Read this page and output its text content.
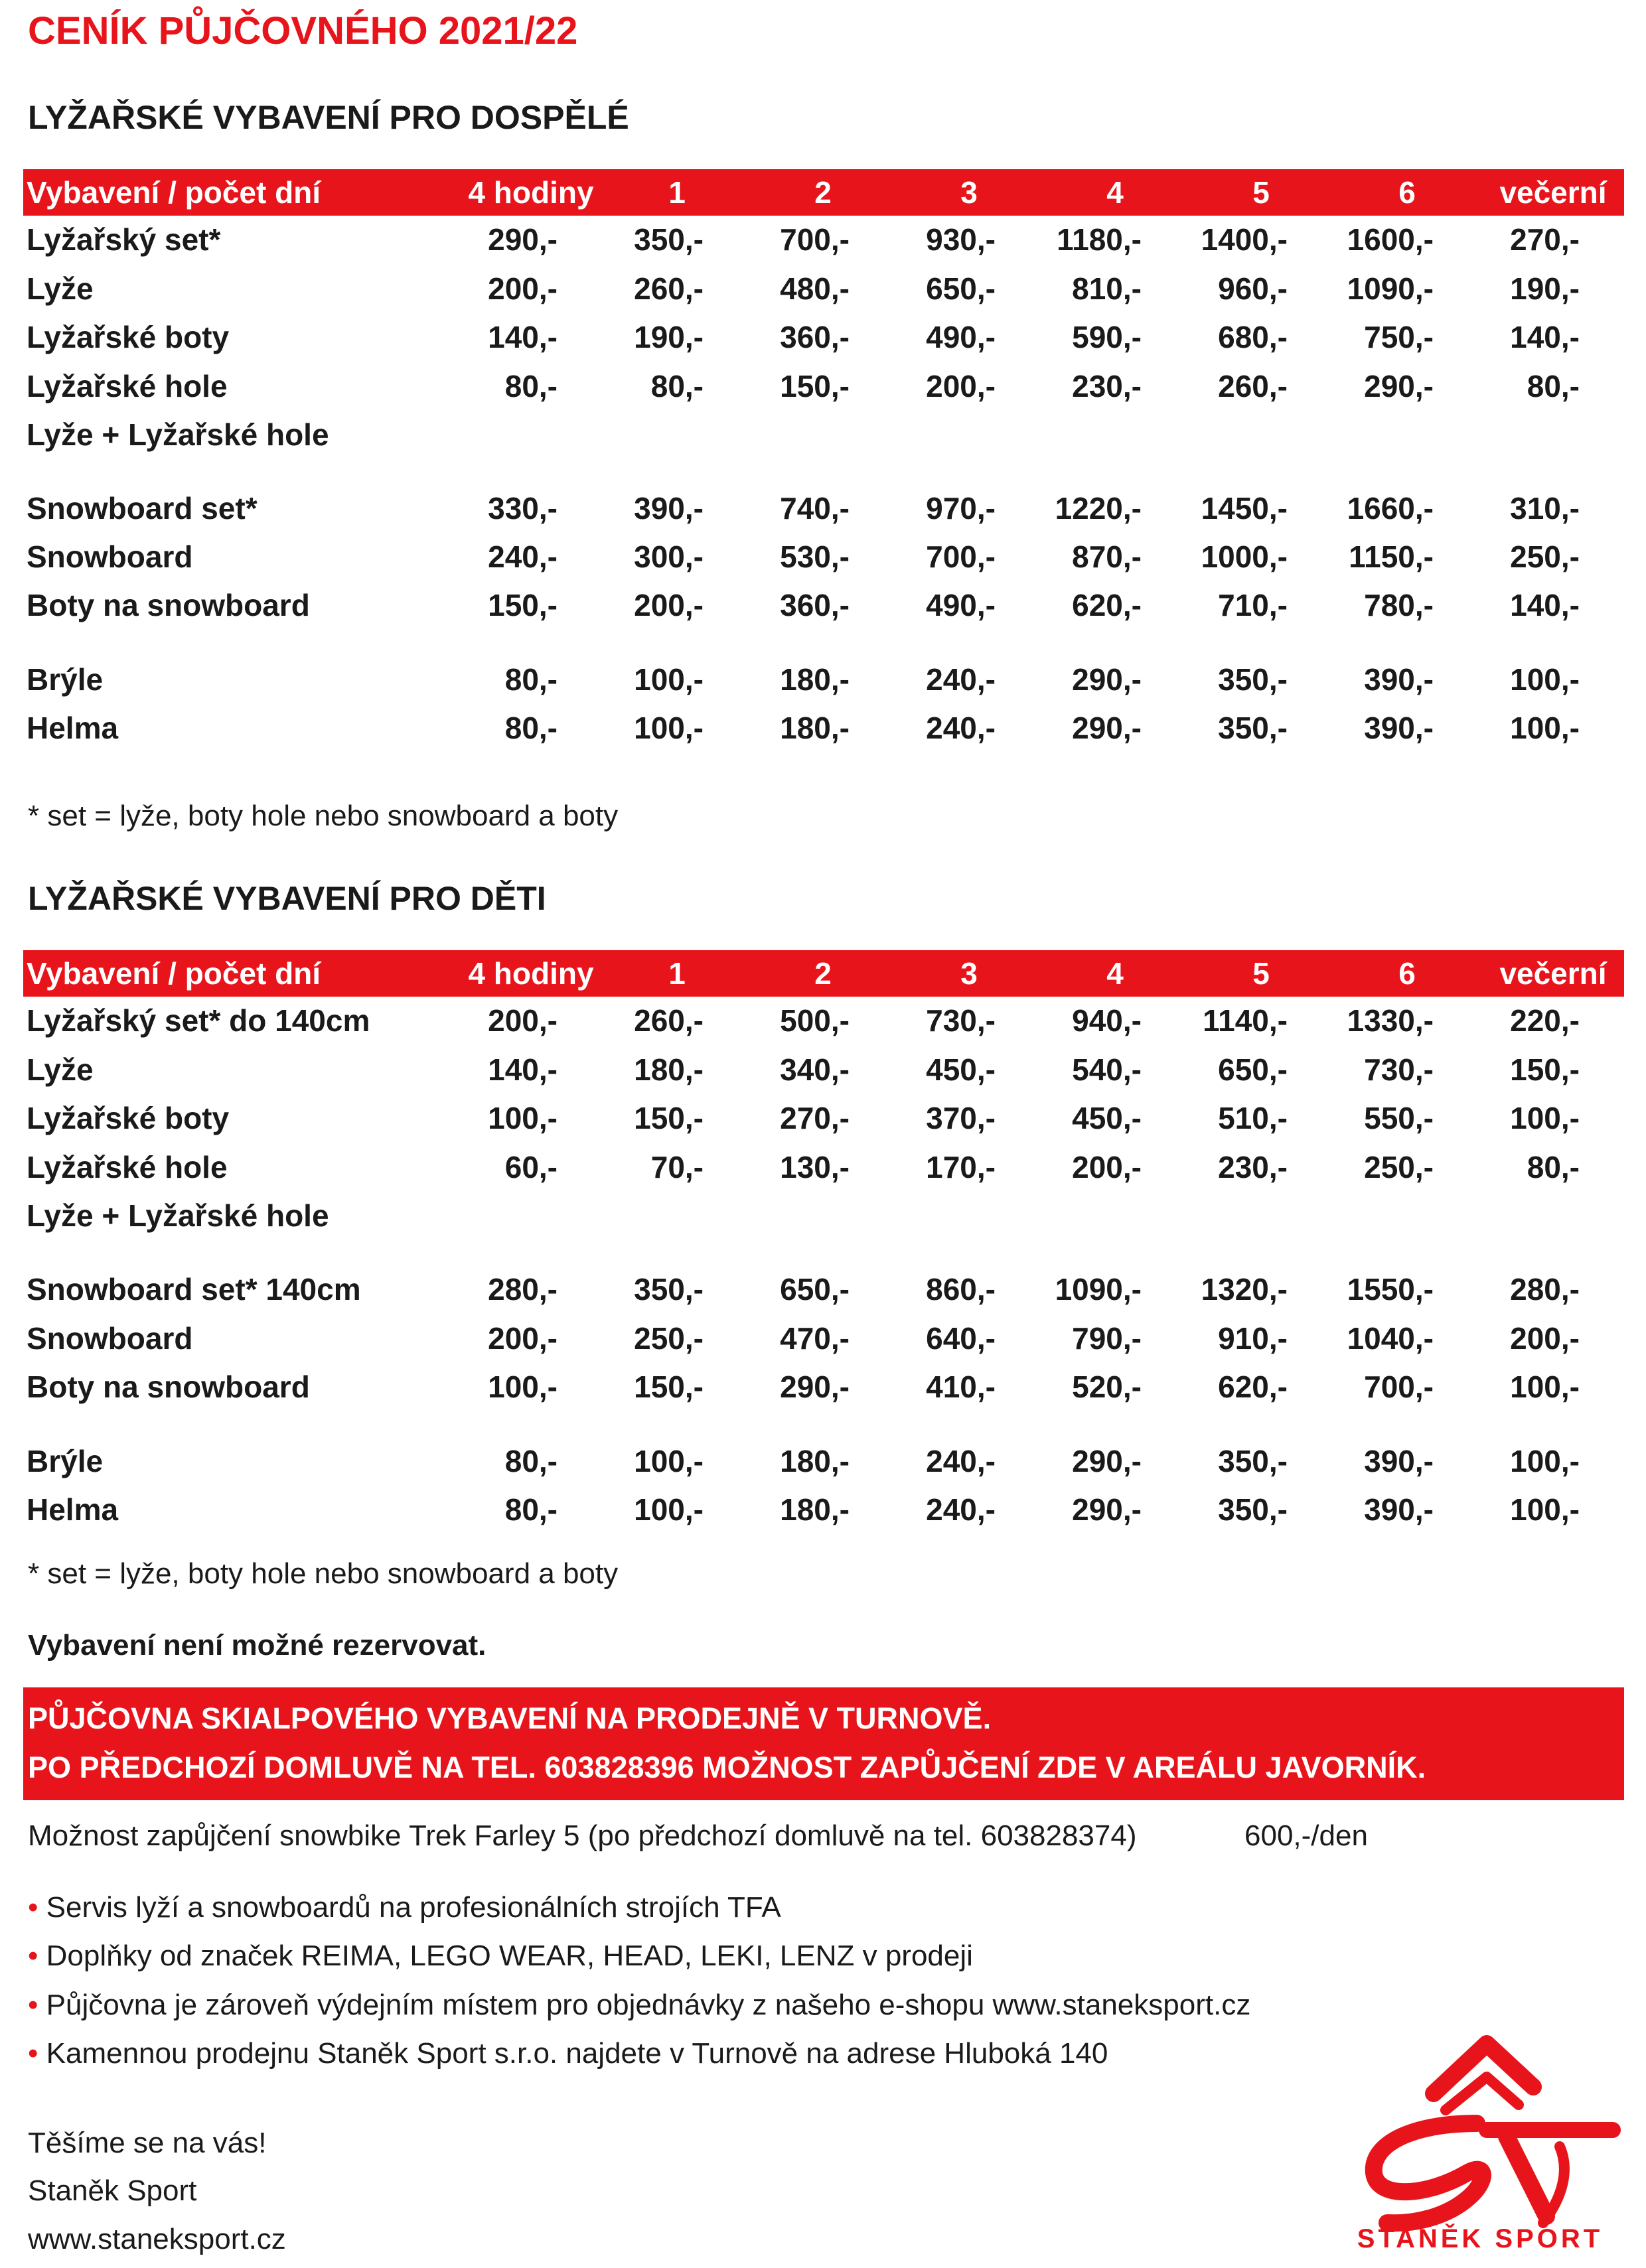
CENÍK PŮJČOVNÉHO 2021/22
LYŽAŘSKÉ VYBAVENÍ PRO DOSPĚLÉ
Vybavení / počet dní	4 hodiny	1	2	3	4	5	6	večerní
Lyžařský set*	290,-	350,-	700,-	930,-	1180,-	1400,-	1600,-	270,-
Lyže	200,-	260,-	480,-	650,-	810,-	960,-	1090,-	190,-
Lyžařské boty	140,-	190,-	360,-	490,-	590,-	680,-	750,-	140,-
Lyžařské hole	80,-	80,-	150,-	200,-	230,-	260,-	290,-	80,-
Lyže + Lyžařské hole
Snowboard set*	330,-	390,-	740,-	970,-	1220,-	1450,-	1660,-	310,-
Snowboard	240,-	300,-	530,-	700,-	870,-	1000,-	1150,-	250,-
Boty na snowboard	150,-	200,-	360,-	490,-	620,-	710,-	780,-	140,-
Brýle	80,-	100,-	180,-	240,-	290,-	350,-	390,-	100,-
Helma	80,-	100,-	180,-	240,-	290,-	350,-	390,-	100,-
* set = lyže, boty hole nebo snowboard a boty
LYŽAŘSKÉ VYBAVENÍ PRO DĚTI
Vybavení / počet dní	4 hodiny	1	2	3	4	5	6	večerní
Lyžařský set* do 140cm	200,-	260,-	500,-	730,-	940,-	1140,-	1330,-	220,-
Lyže	140,-	180,-	340,-	450,-	540,-	650,-	730,-	150,-
Lyžařské boty	100,-	150,-	270,-	370,-	450,-	510,-	550,-	100,-
Lyžařské hole	60,-	70,-	130,-	170,-	200,-	230,-	250,-	80,-
Lyže + Lyžařské hole
Snowboard set* 140cm	280,-	350,-	650,-	860,-	1090,-	1320,-	1550,-	280,-
Snowboard	200,-	250,-	470,-	640,-	790,-	910,-	1040,-	200,-
Boty na snowboard	100,-	150,-	290,-	410,-	520,-	620,-	700,-	100,-
Brýle	80,-	100,-	180,-	240,-	290,-	350,-	390,-	100,-
Helma	80,-	100,-	180,-	240,-	290,-	350,-	390,-	100,-
* set = lyže, boty hole nebo snowboard a boty
Vybavení není možné rezervovat.
PŮJČOVNA SKIALPOVÉHO VYBAVENÍ NA PRODEJNĚ V TURNOVĚ.
PO PŘEDCHOZÍ DOMLUVĚ NA TEL. 603828396 MOŽNOST ZAPŮJČENÍ ZDE V AREÁLU JAVORNÍK.
Možnost zapůjčení snowbike Trek Farley 5 (po předchozí domluvě na tel. 603828374)	600,-/den
• Servis lyží a snowboardů na profesionálních strojích TFA
• Doplňky od značek REIMA, LEGO WEAR, HEAD, LEKI, LENZ v prodeji
• Půjčovna je zároveň výdejním místem pro objednávky z našeho e-shopu www.staneksport.cz
• Kamennou prodejnu Staněk Sport s.r.o. najdete v Turnově na adrese Hluboká 140
Těšíme se na vás!
Staněk Sport
www.staneksport.cz	STANĚK SPORT
